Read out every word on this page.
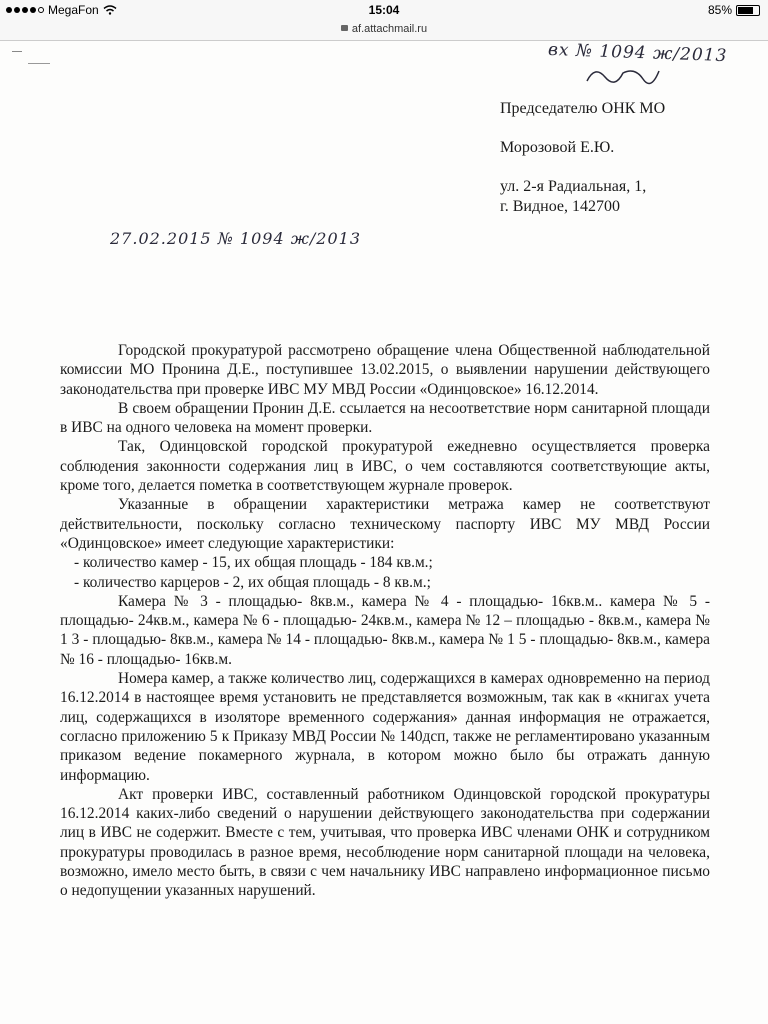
MegaFon	15:04	85%
af.attachmail.ru
вх № 1094 ж/2013
Председателю ОНК МО
Морозовой Е.Ю.
ул. 2-я Радиальная, 1,
г. Видное, 142700
27.02.2015 № 1094 ж/2013

Городской прокуратурой рассмотрено обращение члена Общественной наблюдательной комиссии МО Пронина Д.Е., поступившее 13.02.2015, о выявлении нарушении действующего законодательства при проверке ИВС МУ МВД России «Одинцовское» 16.12.2014.

В своем обращении Пронин Д.Е. ссылается на несоответствие норм санитарной площади в ИВС на одного человека на момент проверки.

Так, Одинцовской городской прокуратурой ежедневно осуществляется проверка соблюдения законности содержания лиц в ИВС, о чем составляются соответствующие акты, кроме того, делается пометка в соответствующем журнале проверок.

Указанные в обращении характеристики метража камер не соответствуют действительности, поскольку согласно техническому паспорту ИВС МУ МВД России «Одинцовское» имеет следующие характеристики:

- количество камер - 15, их общая площадь - 184 кв.м.;

- количество карцеров - 2, их общая площадь - 8 кв.м.;

Камера № 3 - площадью- 8кв.м., камера № 4 - площадью- 16кв.м.. камера № 5 - площадью- 24кв.м., камера № 6 - площадью- 24кв.м., камера № 12 – площадью - 8кв.м., камера № 1 3 - площадью- 8кв.м., камера № 14 - площадью- 8кв.м., камера № 1 5 - площадью- 8кв.м., камера № 16 - площадью- 16кв.м.

Номера камер, а также количество лиц, содержащихся в камерах одновременно на период 16.12.2014 в настоящее время установить не представляется возможным, так как в «книгах учета лиц, содержащихся в изоляторе временного содержания» данная информация не отражается, согласно приложению 5 к Приказу МВД России № 140дсп, также не регламентировано указанным приказом ведение покамерного журнала, в котором можно было бы отражать данную информацию.

Акт проверки ИВС, составленный работником Одинцовской городской прокуратуры 16.12.2014 каких-либо сведений о нарушении действующего законодательства при содержании лиц в ИВС не содержит. Вместе с тем, учитывая, что проверка ИВС членами ОНК и сотрудником прокуратуры проводилась в разное время, несоблюдение норм санитарной площади на человека, возможно, имело место быть, в связи с чем начальнику ИВС направлено информационное письмо о недопущении указанных нарушений.
